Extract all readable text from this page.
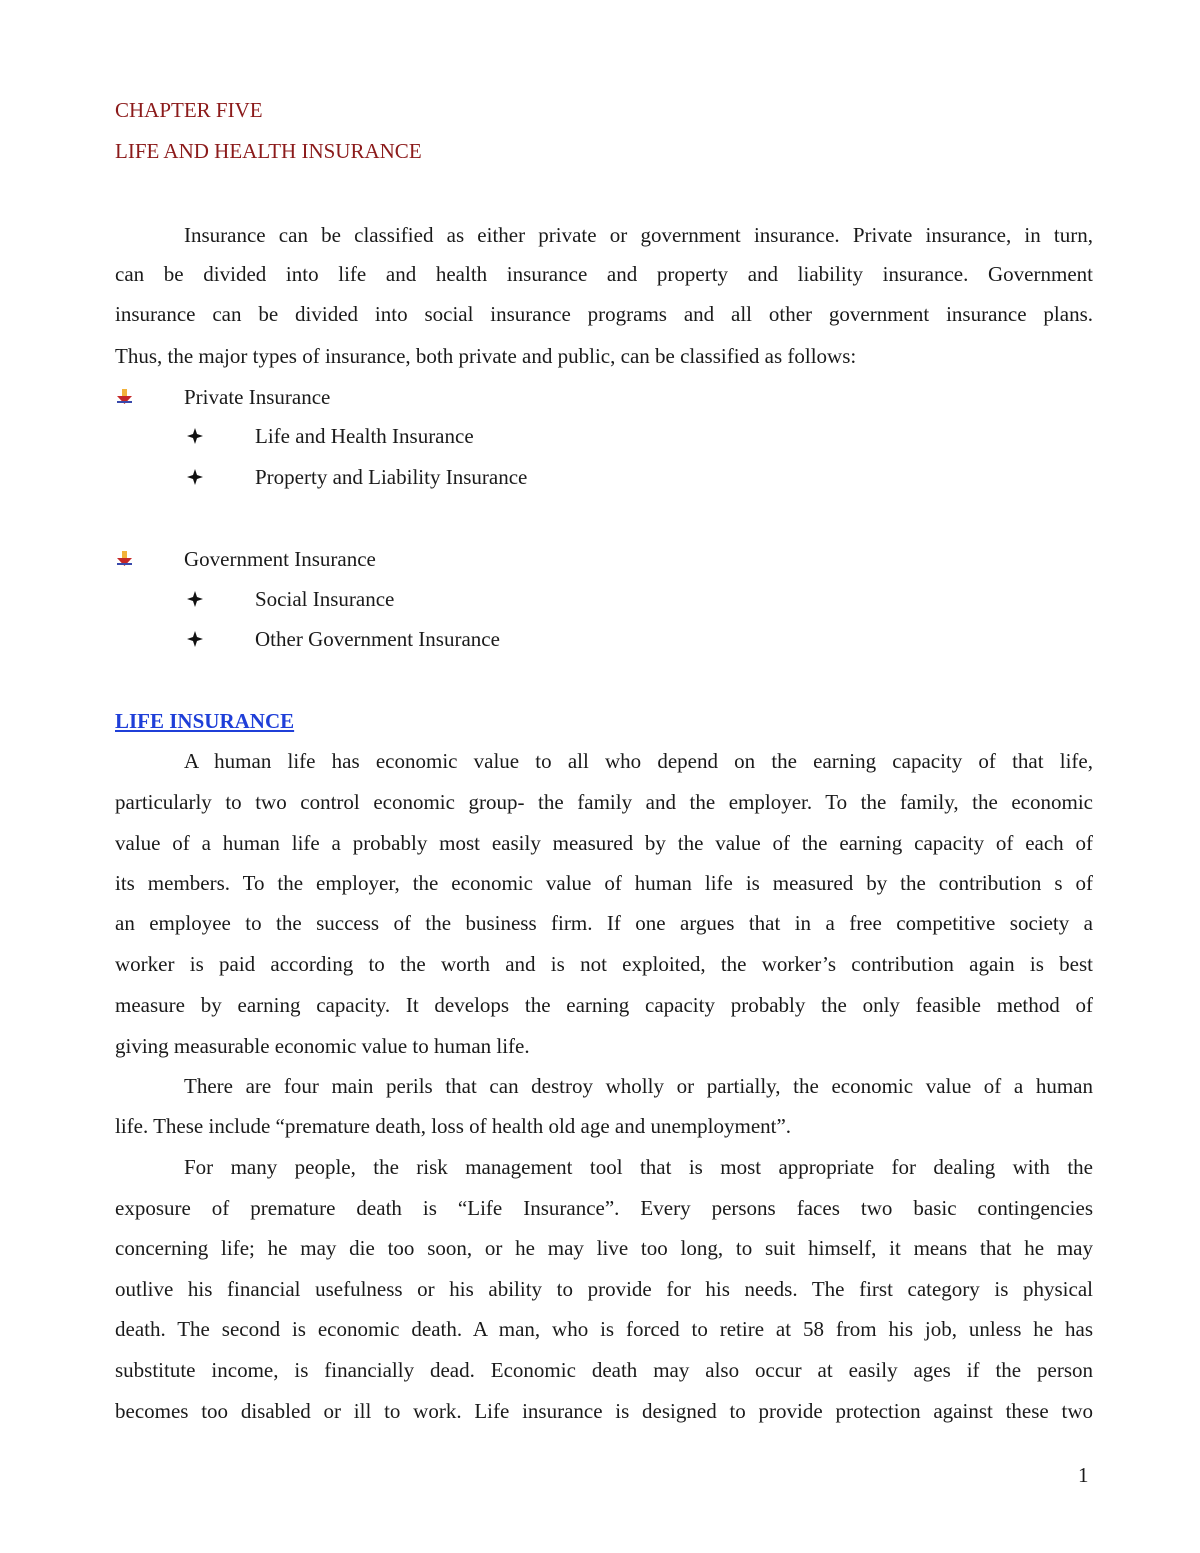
CHAPTER FIVE
LIFE AND HEALTH INSURANCE
Insurance can be classified as either private or government insurance. Private insurance, in turn,
can be divided into life and health insurance and property and liability insurance. Government
insurance can be divided into social insurance programs and all other government insurance plans.
Thus, the major types of insurance, both private and public, can be classified as follows:
Private Insurance
Life and Health Insurance
Property and Liability Insurance
Government Insurance
Social Insurance
Other Government Insurance
LIFE INSURANCE
A human life has economic value to all who depend on the earning capacity of that life,
particularly to two control economic group- the family and the employer. To the family, the economic
value of a human life a probably most easily measured by the value of the earning capacity of each of
its members. To the employer, the economic value of human life is measured by the contribution s of
an employee to the success of the business firm. If one argues that in a free competitive society a
worker is paid according to the worth and is not exploited, the worker’s contribution again is best
measure by earning capacity. It develops the earning capacity probably the only feasible method of
giving measurable economic value to human life.
There are four main perils that can destroy wholly or partially, the economic value of a human
life. These include “premature death, loss of health old age and unemployment”.
For many people, the risk management tool that is most appropriate for dealing with the
exposure of premature death is “Life Insurance”. Every persons faces two basic contingencies
concerning life; he may die too soon, or he may live too long, to suit himself, it means that he may
outlive his financial usefulness or his ability to provide for his needs. The first category is physical
death. The second is economic death. A man, who is forced to retire at 58 from his job, unless he has
substitute income, is financially dead. Economic death may also occur at easily ages if the person
becomes too disabled or ill to work. Life insurance is designed to provide protection against these two
1
